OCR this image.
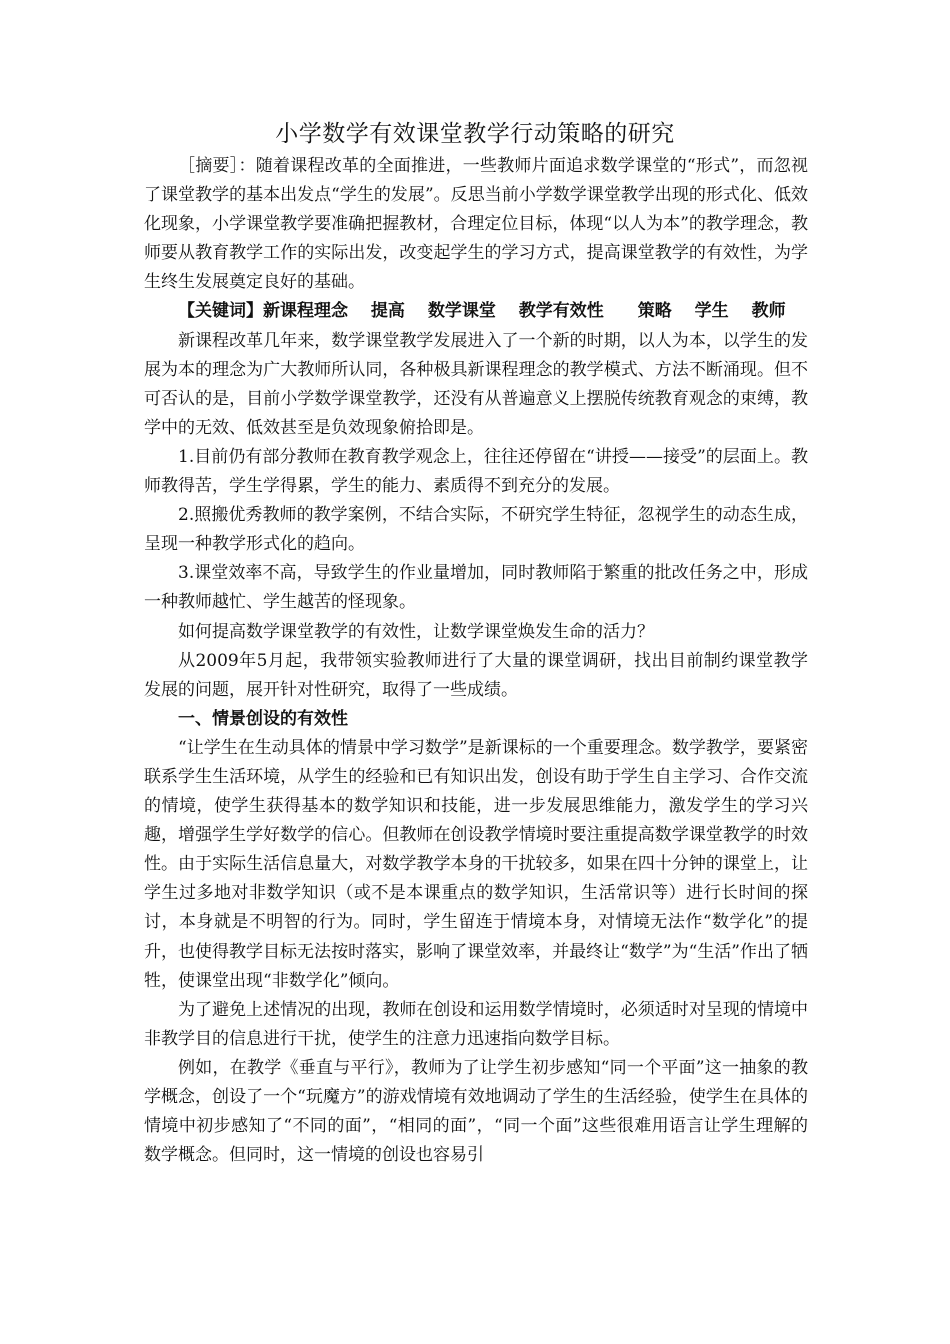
小学数学有效课堂教学行动策略的研究

［摘要］：随着课程改革的全面推进，一些教师片面追求数学课堂的“形式”，而忽视了课堂教学的基本出发点“学生的发展”。反思当前小学数学课堂教学出现的形式化、低效化现象，小学课堂教学要准确把握教材，合理定位目标，体现“以人为本”的教学理念，教师要从教育教学工作的实际出发，改变起学生的学习方式，提高课堂教学的有效性，为学生终生发展奠定良好的基础。

【关键词】新课程理念　 提高　 数学课堂　 教学有效性　　策略　 学生　 教师

新课程改革几年来，数学课堂教学发展进入了一个新的时期，以人为本，以学生的发展为本的理念为广大教师所认同，各种极具新课程理念的教学模式、方法不断涌现。但不可否认的是，目前小学数学课堂教学，还没有从普遍意义上摆脱传统教育观念的束缚，教学中的无效、低效甚至是负效现象俯拾即是。

1.目前仍有部分教师在教育教学观念上，往往还停留在“讲授——接受”的层面上。教师教得苦，学生学得累，学生的能力、素质得不到充分的发展。

2.照搬优秀教师的教学案例，不结合实际，不研究学生特征，忽视学生的动态生成，呈现一种教学形式化的趋向。

3.课堂效率不高，导致学生的作业量增加，同时教师陷于繁重的批改任务之中，形成一种教师越忙、学生越苦的怪现象。

如何提高数学课堂教学的有效性，让数学课堂焕发生命的活力？

从2009年5月起，我带领实验教师进行了大量的课堂调研，找出目前制约课堂教学发展的问题，展开针对性研究，取得了一些成绩。

一、情景创设的有效性

“让学生在生动具体的情景中学习数学”是新课标的一个重要理念。数学教学，要紧密联系学生生活环境，从学生的经验和已有知识出发，创设有助于学生自主学习、合作交流的情境，使学生获得基本的数学知识和技能，进一步发展思维能力，激发学生的学习兴趣，增强学生学好数学的信心。但教师在创设教学情境时要注重提高数学课堂教学的时效性。由于实际生活信息量大，对数学教学本身的干扰较多，如果在四十分钟的课堂上，让学生过多地对非数学知识（或不是本课重点的数学知识，生活常识等）进行长时间的探讨，本身就是不明智的行为。同时，学生留连于情境本身，对情境无法作“数学化”的提升，也使得教学目标无法按时落实，影响了课堂效率，并最终让“数学”为“生活”作出了牺牲，使课堂出现“非数学化”倾向。

为了避免上述情况的出现，教师在创设和运用数学情境时，必须适时对呈现的情境中非教学目的信息进行干扰，使学生的注意力迅速指向数学目标。

例如，在教学《垂直与平行》，教师为了让学生初步感知“同一个平面”这一抽象的教学概念，创设了一个“玩魔方”的游戏情境有效地调动了学生的生活经验，使学生在具体的情境中初步感知了“不同的面”，“相同的面”，“同一个面”这些很难用语言让学生理解的数学概念。但同时，这一情境的创设也容易引
